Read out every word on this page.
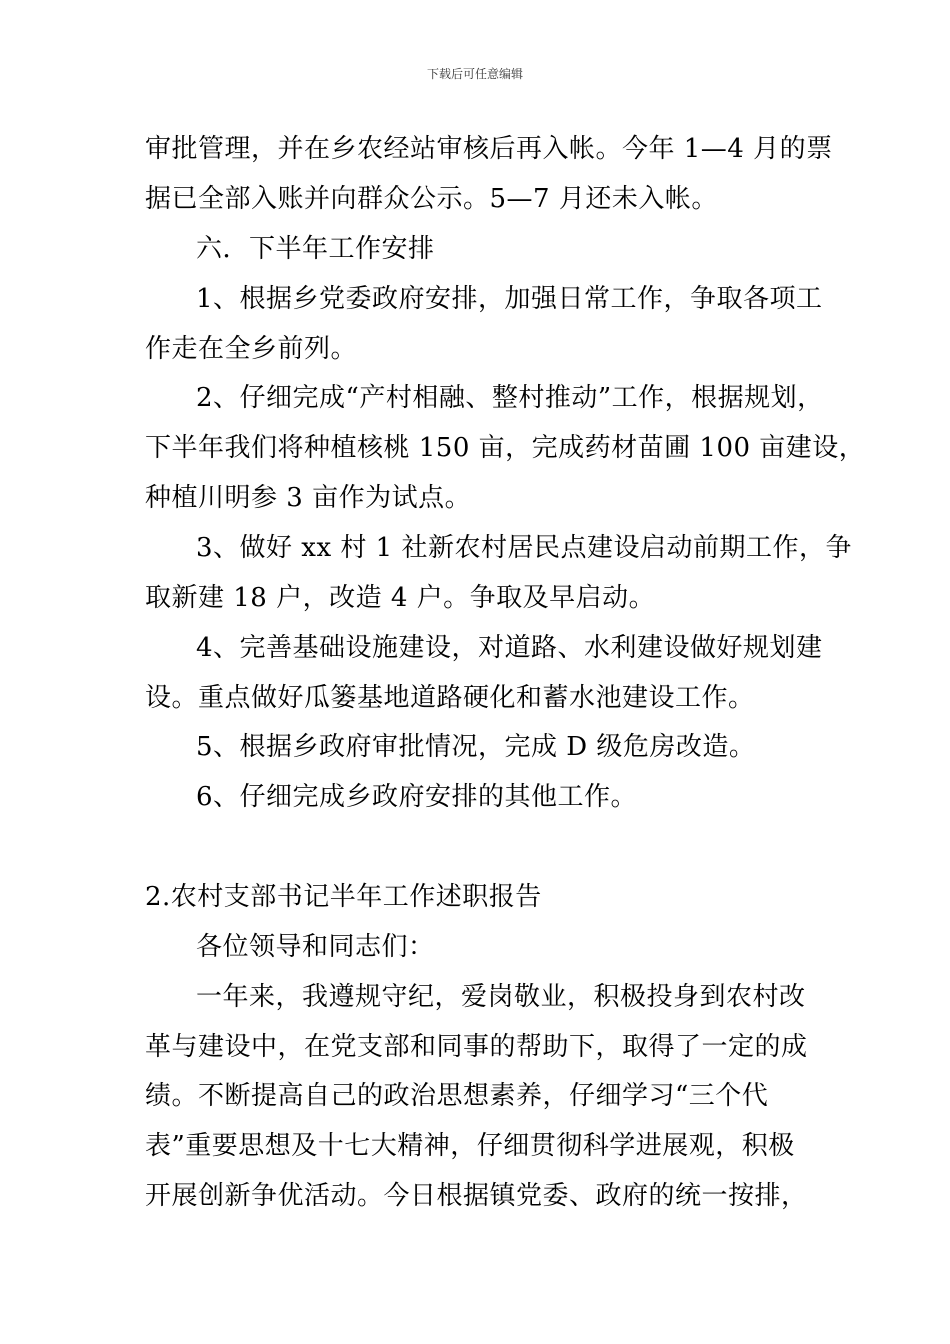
下载后可任意编辑
审批管理，并在乡农经站审核后再入帐。今年 1—4 月的票
据已全部入账并向群众公示。5—7 月还未入帐。
六．下半年工作安排
1、根据乡党委政府安排，加强日常工作，争取各项工
作走在全乡前列。
2、仔细完成“产村相融、整村推动”工作，根据规划，
下半年我们将种植核桃 150 亩，完成药材苗圃 100 亩建设，
种植川明参 3 亩作为试点。
3、做好 xx 村 1 社新农村居民点建设启动前期工作，争
取新建 18 户，改造 4 户。争取及早启动。
4、完善基础设施建设，对道路、水利建设做好规划建
设。重点做好瓜篓基地道路硬化和蓄水池建设工作。
5、根据乡政府审批情况，完成 D 级危房改造。
6、仔细完成乡政府安排的其他工作。
2.农村支部书记半年工作述职报告
各位领导和同志们：
一年来，我遵规守纪，爱岗敬业，积极投身到农村改
革与建设中，在党支部和同事的帮助下，取得了一定的成
绩。不断提高自己的政治思想素养，仔细学习“三个代
表”重要思想及十七大精神，仔细贯彻科学进展观，积极
开展创新争优活动。今日根据镇党委、政府的统一按排，
